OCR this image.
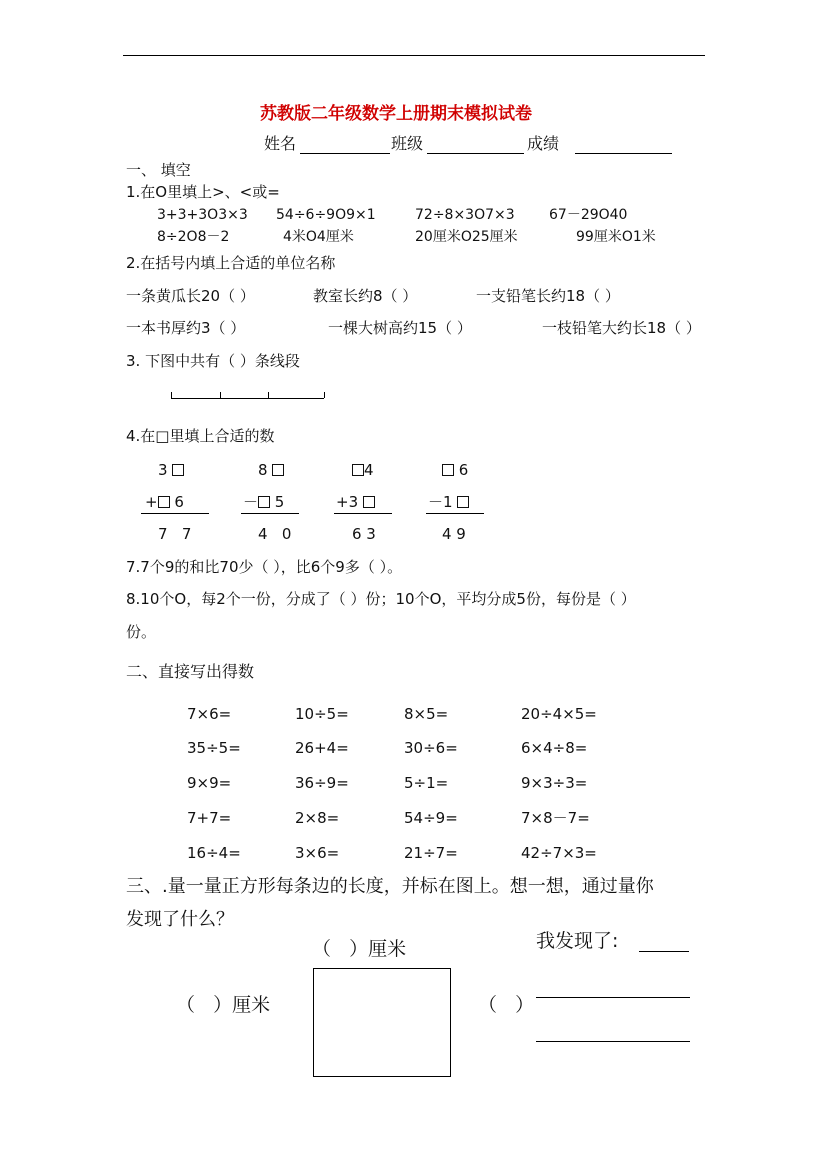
苏教版二年级数学上册期末模拟试卷
姓名	班级	成绩
一、 填空
1.在O里填上>、<或=
3+3+3O3×3 54÷6÷9O9×1	72÷8×3O7×3 67－29O40
8÷2O8－2	4米O4厘米	20厘米O25厘米	99厘米O1米
2.在括号内填上合适的单位名称
一条黄瓜长20（ ）	教室长约8（ ）	一支铅笔长约18（ ）
一本书厚约3（ ）	一棵大树高约15（ ）	一枝铅笔大约长18（ ）
3. 下图中共有（ ）条线段
4.在□里填上合适的数
3	8	4	6
+ 6	－ 5	+3	－1
7   7	4   0	6 3	4 9
7.7个9的和比70少（ ），比6个9多（ ）。
8.10个O，每2个一份，分成了（ ）份；10个O，平均分成5份，每份是（ ）
份。
二、直接写出得数
7×6=	10÷5=	8×5=	20÷4×5=
35÷5=	26+4=	30÷6=	6×4÷8=
9×9=	36÷9=	5÷1=	9×3÷3=
7+7=	2×8=	54÷9=	7×8－7=
16÷4=	3×6=	21÷7=	42÷7×3=
三、.量一量正方形每条边的长度，并标在图上。想一想，通过量你
发现了什么？
（   ）厘米
（   ）厘米	（   ）
我发现了:
